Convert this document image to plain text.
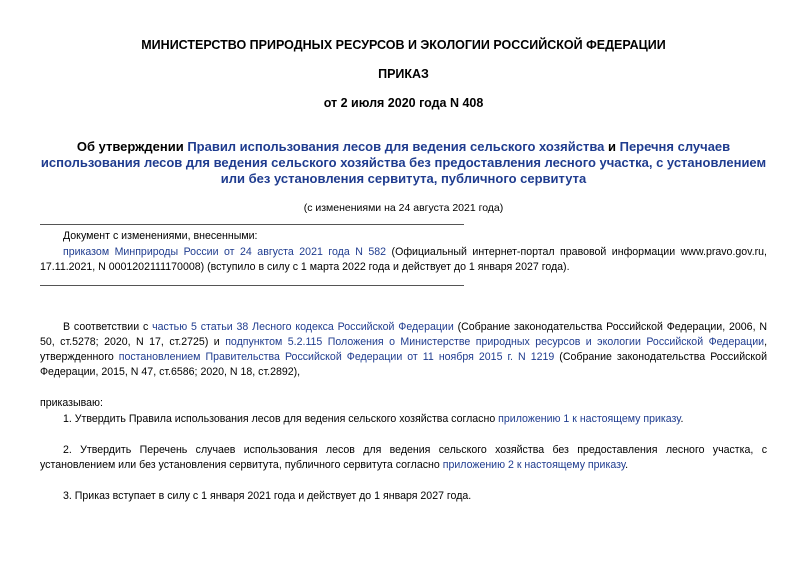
МИНИСТЕРСТВО ПРИРОДНЫХ РЕСУРСОВ И ЭКОЛОГИИ РОССИЙСКОЙ ФЕДЕРАЦИИ
ПРИКАЗ
от 2 июля 2020 года N 408
Об утверждении Правил использования лесов для ведения сельского хозяйства и Перечня случаев использования лесов для ведения сельского хозяйства без предоставления лесного участка, с установлением или без установления сервитута, публичного сервитута
(с изменениями на 24 августа 2021 года)
Документ с изменениями, внесенными:
приказом Минприроды России от 24 августа 2021 года N 582 (Официальный интернет-портал правовой информации www.pravo.gov.ru, 17.11.2021, N 0001202111170008) (вступило в силу с 1 марта 2022 года и действует до 1 января 2027 года).
В соответствии с частью 5 статьи 38 Лесного кодекса Российской Федерации (Собрание законодательства Российской Федерации, 2006, N 50, ст.5278; 2020, N 17, ст.2725) и подпунктом 5.2.115 Положения о Министерстве природных ресурсов и экологии Российской Федерации, утвержденного постановлением Правительства Российской Федерации от 11 ноября 2015 г. N 1219 (Собрание законодательства Российской Федерации, 2015, N 47, ст.6586; 2020, N 18, ст.2892),
приказываю:
1. Утвердить Правила использования лесов для ведения сельского хозяйства согласно приложению 1 к настоящему приказу.
2. Утвердить Перечень случаев использования лесов для ведения сельского хозяйства без предоставления лесного участка, с установлением или без установления сервитута, публичного сервитута согласно приложению 2 к настоящему приказу.
3. Приказ вступает в силу с 1 января 2021 года и действует до 1 января 2027 года.
